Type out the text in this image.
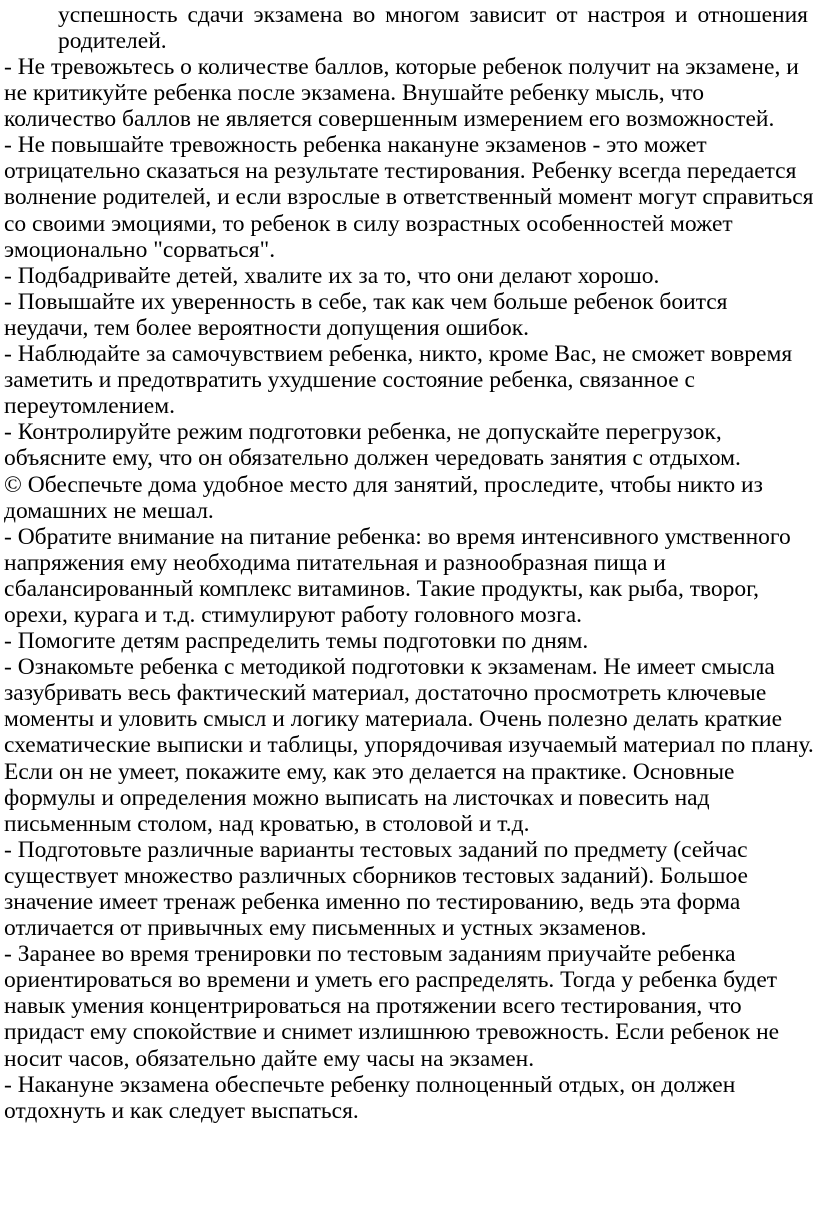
успешность сдачи экзамена во многом зависит от настроя и отношения родителей.

- Не тревожьтесь о количестве баллов, которые ребенок получит на экзамене, и не критикуйте ребенка после экзамена. Внушайте ребенку мысль, что количество баллов не является совершенным измерением его возможностей.

- Не повышайте тревожность ребенка накануне экзаменов - это может отрицательно сказаться на результате тестирования. Ребенку всегда передается волнение родителей, и если взрослые в ответственный момент могут справиться со своими эмоциями, то ребенок в силу возрастных особенностей может эмоционально "сорваться".

- Подбадривайте детей, хвалите их за то, что они делают хорошо.

- Повышайте их уверенность в себе, так как чем больше ребенок боится неудачи, тем более вероятности допущения ошибок.

- Наблюдайте за самочувствием ребенка, никто, кроме Вас, не сможет вовремя заметить и предотвратить ухудшение состояние ребенка, связанное с переутомлением.

- Контролируйте режим подготовки ребенка, не допускайте перегрузок, объясните ему, что он обязательно должен чередовать занятия с отдыхом.

© Обеспечьте дома удобное место для занятий, проследите, чтобы никто из домашних не мешал.

- Обратите внимание на питание ребенка: во время интенсивного умственного напряжения ему необходима питательная и разнообразная пища и сбалансированный комплекс витаминов. Такие продукты, как рыба, творог, орехи, курага и т.д. стимулируют работу головного мозга.

- Помогите детям распределить темы подготовки по дням.

- Ознакомьте ребенка с методикой подготовки к экзаменам. Не имеет смысла зазубривать весь фактический материал, достаточно просмотреть ключевые моменты и уловить смысл и логику материала. Очень полезно делать краткие схематические выписки и таблицы, упорядочивая изучаемый материал по плану. Если он не умеет, покажите ему, как это делается на практике. Основные формулы и определения можно выписать на листочках и повесить над письменным столом, над кроватью, в столовой и т.д.

- Подготовьте различные варианты тестовых заданий по предмету (сейчас существует множество различных сборников тестовых заданий). Большое значение имеет тренаж ребенка именно по тестированию, ведь эта форма отличается от привычных ему письменных и устных экзаменов.

- Заранее во время тренировки по тестовым заданиям приучайте ребенка ориентироваться во времени и уметь его распределять. Тогда у ребенка будет навык умения концентрироваться на протяжении всего тестирования, что придаст ему спокойствие и снимет излишнюю тревожность. Если ребенок не носит часов, обязательно дайте ему часы на экзамен.

- Накануне экзамена обеспечьте ребенку полноценный отдых, он должен отдохнуть и как следует выспаться.
